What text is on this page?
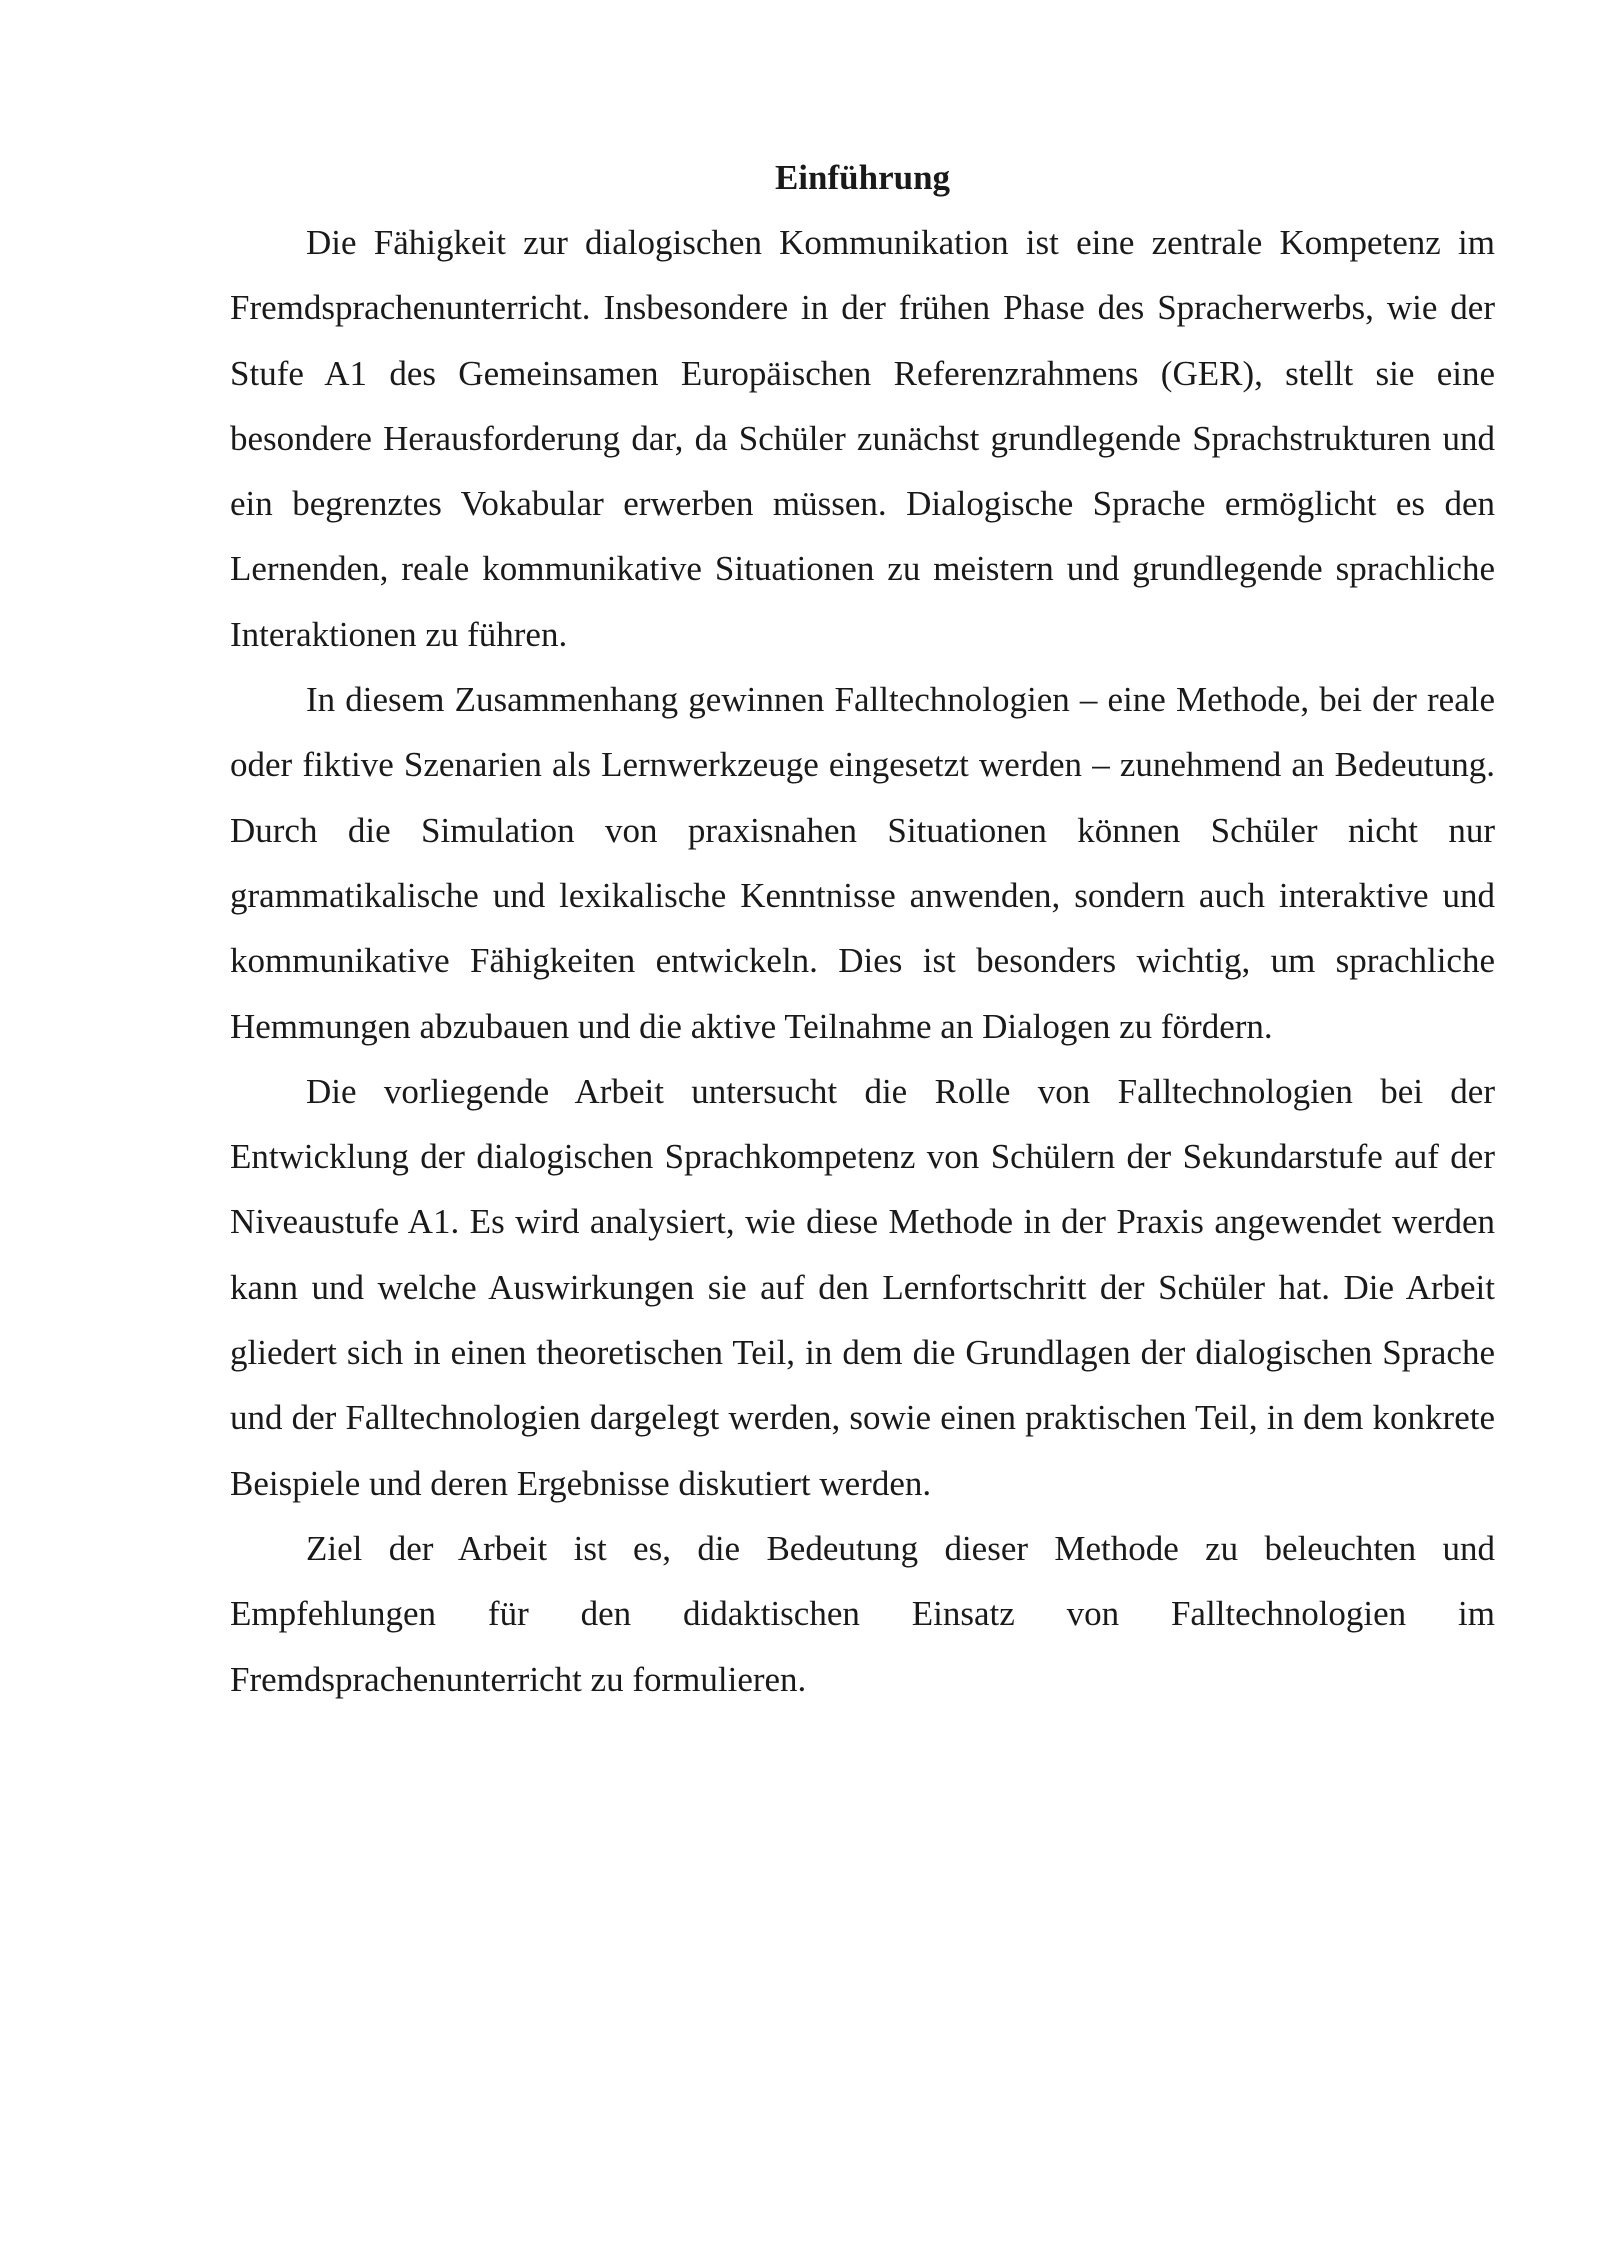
Einführung

Die Fähigkeit zur dialogischen Kommunikation ist eine zentrale Kompetenz im Fremdsprachenunterricht. Insbesondere in der frühen Phase des Spracherwerbs, wie der Stufe A1 des Gemeinsamen Europäischen Referenzrahmens (GER), stellt sie eine besondere Herausforderung dar, da Schüler zunächst grundlegende Sprachstrukturen und ein begrenztes Vokabular erwerben müssen. Dialogische Sprache ermöglicht es den Lernenden, reale kommunikative Situationen zu meistern und grundlegende sprachliche Interaktionen zu führen.

In diesem Zusammenhang gewinnen Falltechnologien – eine Methode, bei der reale oder fiktive Szenarien als Lernwerkzeuge eingesetzt werden – zunehmend an Bedeutung. Durch die Simulation von praxisnahen Situationen können Schüler nicht nur grammatikalische und lexikalische Kenntnisse anwenden, sondern auch interaktive und kommunikative Fähigkeiten entwickeln. Dies ist besonders wichtig, um sprachliche Hemmungen abzubauen und die aktive Teilnahme an Dialogen zu fördern.

Die vorliegende Arbeit untersucht die Rolle von Falltechnologien bei der Entwicklung der dialogischen Sprachkompetenz von Schülern der Sekundarstufe auf der Niveaustufe A1. Es wird analysiert, wie diese Methode in der Praxis angewendet werden kann und welche Auswirkungen sie auf den Lernfortschritt der Schüler hat. Die Arbeit gliedert sich in einen theoretischen Teil, in dem die Grundlagen der dialogischen Sprache und der Falltechnologien dargelegt werden, sowie einen praktischen Teil, in dem konkrete Beispiele und deren Ergebnisse diskutiert werden.

Ziel der Arbeit ist es, die Bedeutung dieser Methode zu beleuchten und Empfehlungen für den didaktischen Einsatz von Falltechnologien im Fremdsprachenunterricht zu formulieren.
